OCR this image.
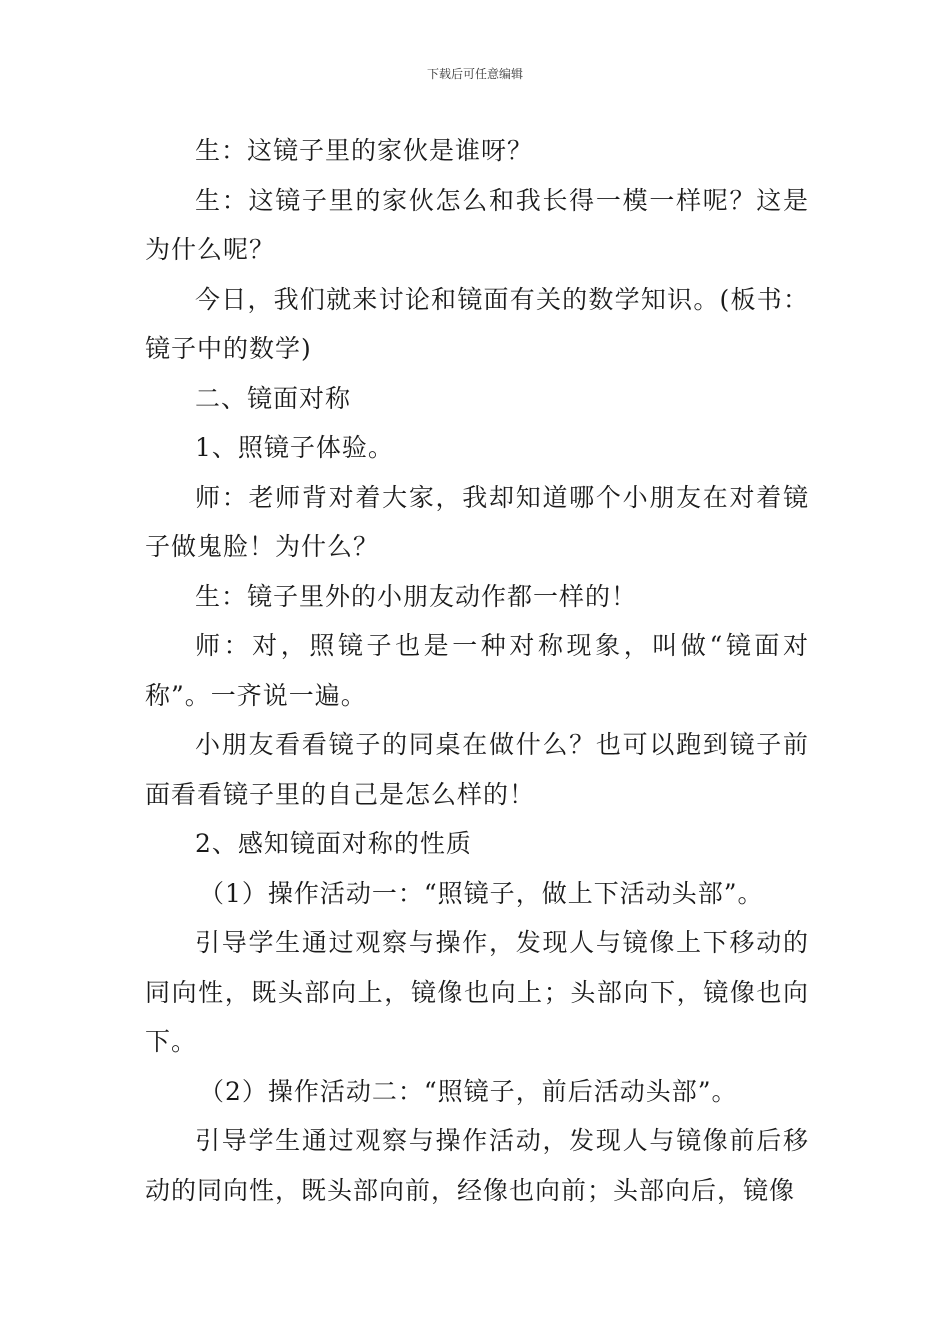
下载后可任意编辑

生：这镜子里的家伙是谁呀？

生：这镜子里的家伙怎么和我长得一模一样呢？这是为什么呢？

今日，我们就来讨论和镜面有关的数学知识。(板书：镜子中的数学)

二、镜面对称

1、照镜子体验。

师：老师背对着大家，我却知道哪个小朋友在对着镜子做鬼脸！为什么？

生：镜子里外的小朋友动作都一样的！

师：对，照镜子也是一种对称现象，叫做“镜面对称”。一齐说一遍。

小朋友看看镜子的同桌在做什么？也可以跑到镜子前面看看镜子里的自己是怎么样的！

2、感知镜面对称的性质

（1）操作活动一：“照镜子，做上下活动头部”。

引导学生通过观察与操作，发现人与镜像上下移动的同向性，既头部向上，镜像也向上；头部向下，镜像也向下。

（2）操作活动二：“照镜子，前后活动头部”。

引导学生通过观察与操作活动，发现人与镜像前后移动的同向性，既头部向前，经像也向前；头部向后，镜像
